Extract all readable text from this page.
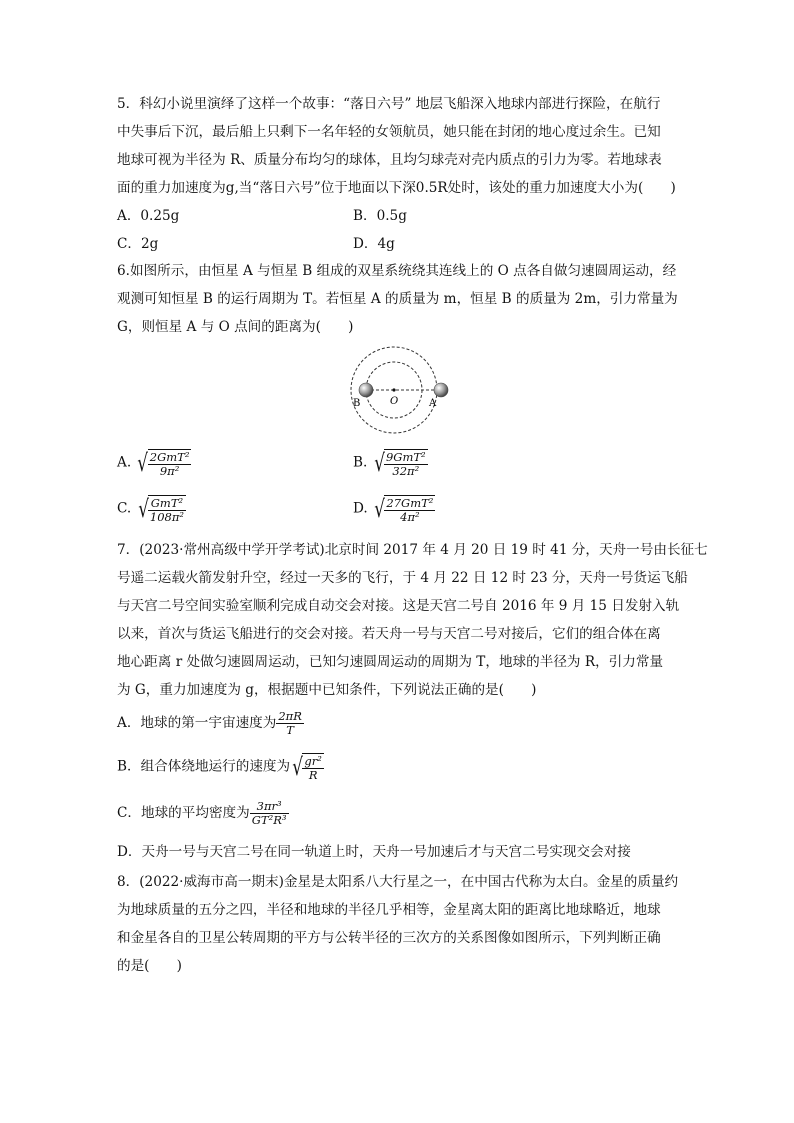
5．科幻小说里演绎了这样一个故事：“落日六号” 地层飞船深入地球内部进行探险，在航行
中失事后下沉，最后船上只剩下一名年轻的女领航员，她只能在封闭的地心度过余生。已知
地球可视为半径为 R、质量分布均匀的球体，且均匀球壳对壳内质点的引力为零。若地球表
面的重力加速度为g,当“落日六号”位于地面以下深0.5R处时，该处的重力加速度大小为(　　)
A．0.25g	B．0.5g
C．2g	D．4g
6.如图所示，由恒星 A 与恒星 B 组成的双星系统绕其连线上的 O 点各自做匀速圆周运动，经
观测可知恒星 B 的运行周期为 T。若恒星 A 的质量为 m，恒星 B 的质量为 2m，引力常量为
G，则恒星 A 与 O 点间的距离为(　　)
B	O	A
A. √ $\frac{\text{2GmT²}}{\text{9π²}}$	B. √ $\frac{\text{9GmT²}}{\text{32π²}}$
C. √ $\frac{\text{GmT²}}{\text{108π²}}$	D. √ $\frac{\text{27GmT²}}{\text{4π²}}$
7．(2023·常州高级中学开学考试)北京时间 2017 年 4 月 20 日 19 时 41 分，天舟一号由长征七
号遥二运载火箭发射升空，经过一天多的飞行，于 4 月 22 日 12 时 23 分，天舟一号货运飞船
与天宫二号空间实验室顺利完成自动交会对接。这是天宫二号自 2016 年 9 月 15 日发射入轨
以来，首次与货运飞船进行的交会对接。若天舟一号与天宫二号对接后，它们的组合体在离
地心距离 r 处做匀速圆周运动，已知匀速圆周运动的周期为 T，地球的半径为 R，引力常量
为 G，重力加速度为 g，根据题中已知条件，下列说法正确的是(　　)
A．地球的第一宇宙速度为 $\frac{2\pi R}{T}$
B．组合体绕地运行的速度为 √ $\frac{\text{gr²}}{R}$
C．地球的平均密度为 $\frac{\text{3πr³}}{\text{GT²R³}}$
D．天舟一号与天宫二号在同一轨道上时，天舟一号加速后才与天宫二号实现交会对接
8．(2022·威海市高一期末)金星是太阳系八大行星之一，在中国古代称为太白。金星的质量约
为地球质量的五分之四，半径和地球的半径几乎相等，金星离太阳的距离比地球略近，地球
和金星各自的卫星公转周期的平方与公转半径的三次方的关系图像如图所示，下列判断正确
的是(　　)
